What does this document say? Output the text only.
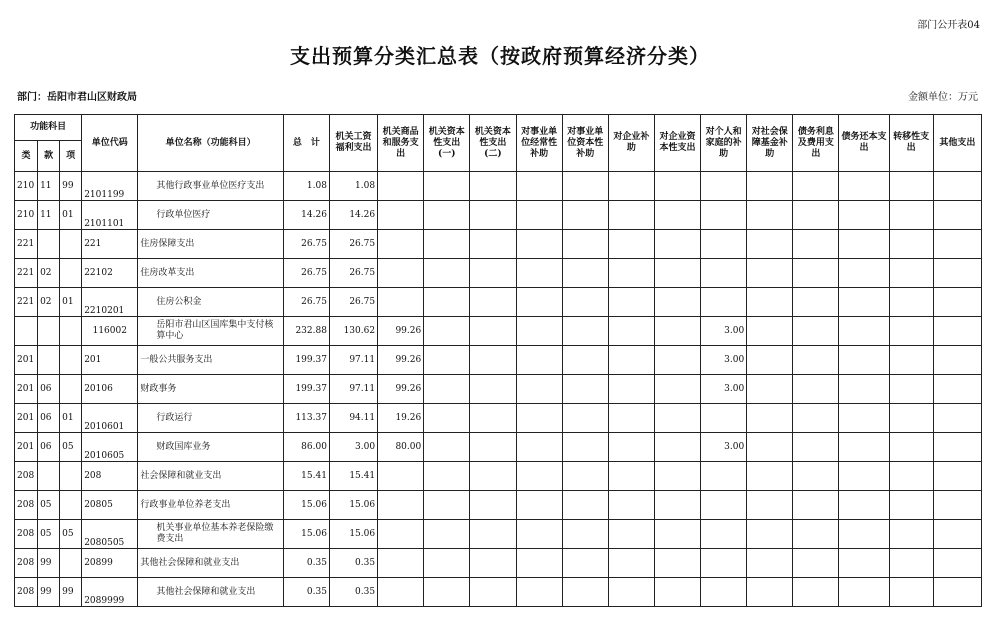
部门公开表04
支出预算分类汇总表（按政府预算经济分类）
部门：岳阳市君山区财政局	金额单位：万元
功能科目			单位代码	单位名称（功能科目）	总　计	机关工资福利支出	机关商品和服务支出	机关资本性支出(一)	机关资本性支出(二)	对事业单位经常性补助	对事业单位资本性补助	对企业补助	对企业资本性支出	对个人和家庭的补助	对社会保障基金补助	债务利息及费用支出	债务还本支出	转移性支出	其他支出
类	款	项																	
210	11	99	2101199	其他行政事业单位医疗支出	1.08	1.08													
210	11	01	2101101	行政单位医疗	14.26	14.26													
221			221	住房保障支出	26.75	26.75													
221	02		22102	住房改革支出	26.75	26.75													
221	02	01	2210201	住房公积金	26.75	26.75													
			116002	岳阳市君山区国库集中支付核算中心	232.88	130.62	99.26							3.00					
201			201	一般公共服务支出	199.37	97.11	99.26							3.00					
201	06		20106	财政事务	199.37	97.11	99.26							3.00					
201	06	01	2010601	行政运行	113.37	94.11	19.26												
201	06	05	2010605	财政国库业务	86.00	3.00	80.00							3.00					
208			208	社会保障和就业支出	15.41	15.41													
208	05		20805	行政事业单位养老支出	15.06	15.06													
208	05	05	2080505	机关事业单位基本养老保险缴费支出	15.06	15.06													
208	99		20899	其他社会保障和就业支出	0.35	0.35													
208	99	99	2089999	其他社会保障和就业支出	0.35	0.35													
